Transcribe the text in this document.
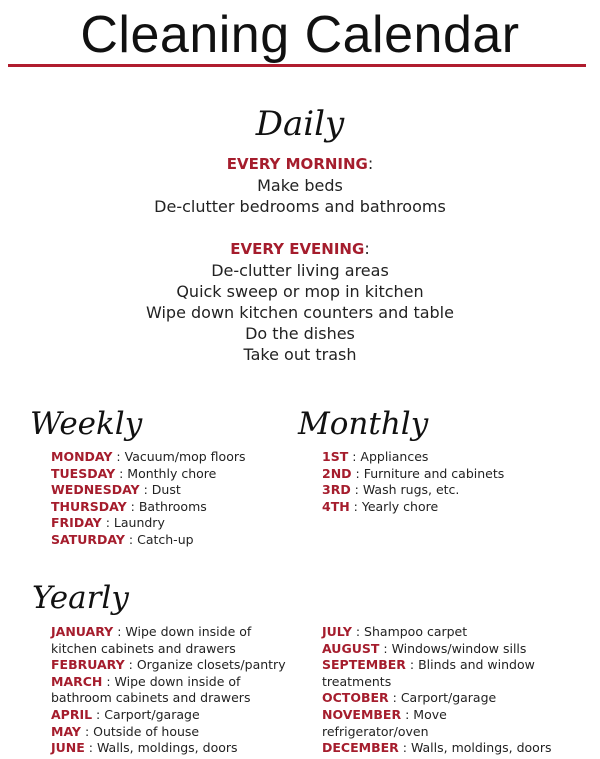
Cleaning Calendar
Daily
EVERY MORNING:
Make beds
De-clutter bedrooms and bathrooms
EVERY EVENING:
De-clutter living areas
Quick sweep or mop in kitchen
Wipe down kitchen counters and table
Do the dishes
Take out trash
Weekly	Monthly
Yearly
MONDAY : Vacuum/mop floors
TUESDAY : Monthly chore
WEDNESDAY : Dust
THURSDAY : Bathrooms
FRIDAY : Laundry
SATURDAY : Catch-up
1ST : Appliances
2ND : Furniture and cabinets
3RD : Wash rugs, etc.
4TH : Yearly chore
JANUARY : Wipe down inside of
kitchen cabinets and drawers
FEBRUARY : Organize closets/pantry
MARCH : Wipe down inside of
bathroom cabinets and drawers
APRIL : Carport/garage
MAY : Outside of house
JUNE : Walls, moldings, doors
JULY : Shampoo carpet
AUGUST : Windows/window sills
SEPTEMBER : Blinds and window
treatments
OCTOBER : Carport/garage
NOVEMBER : Move
refrigerator/oven
DECEMBER : Walls, moldings, doors
